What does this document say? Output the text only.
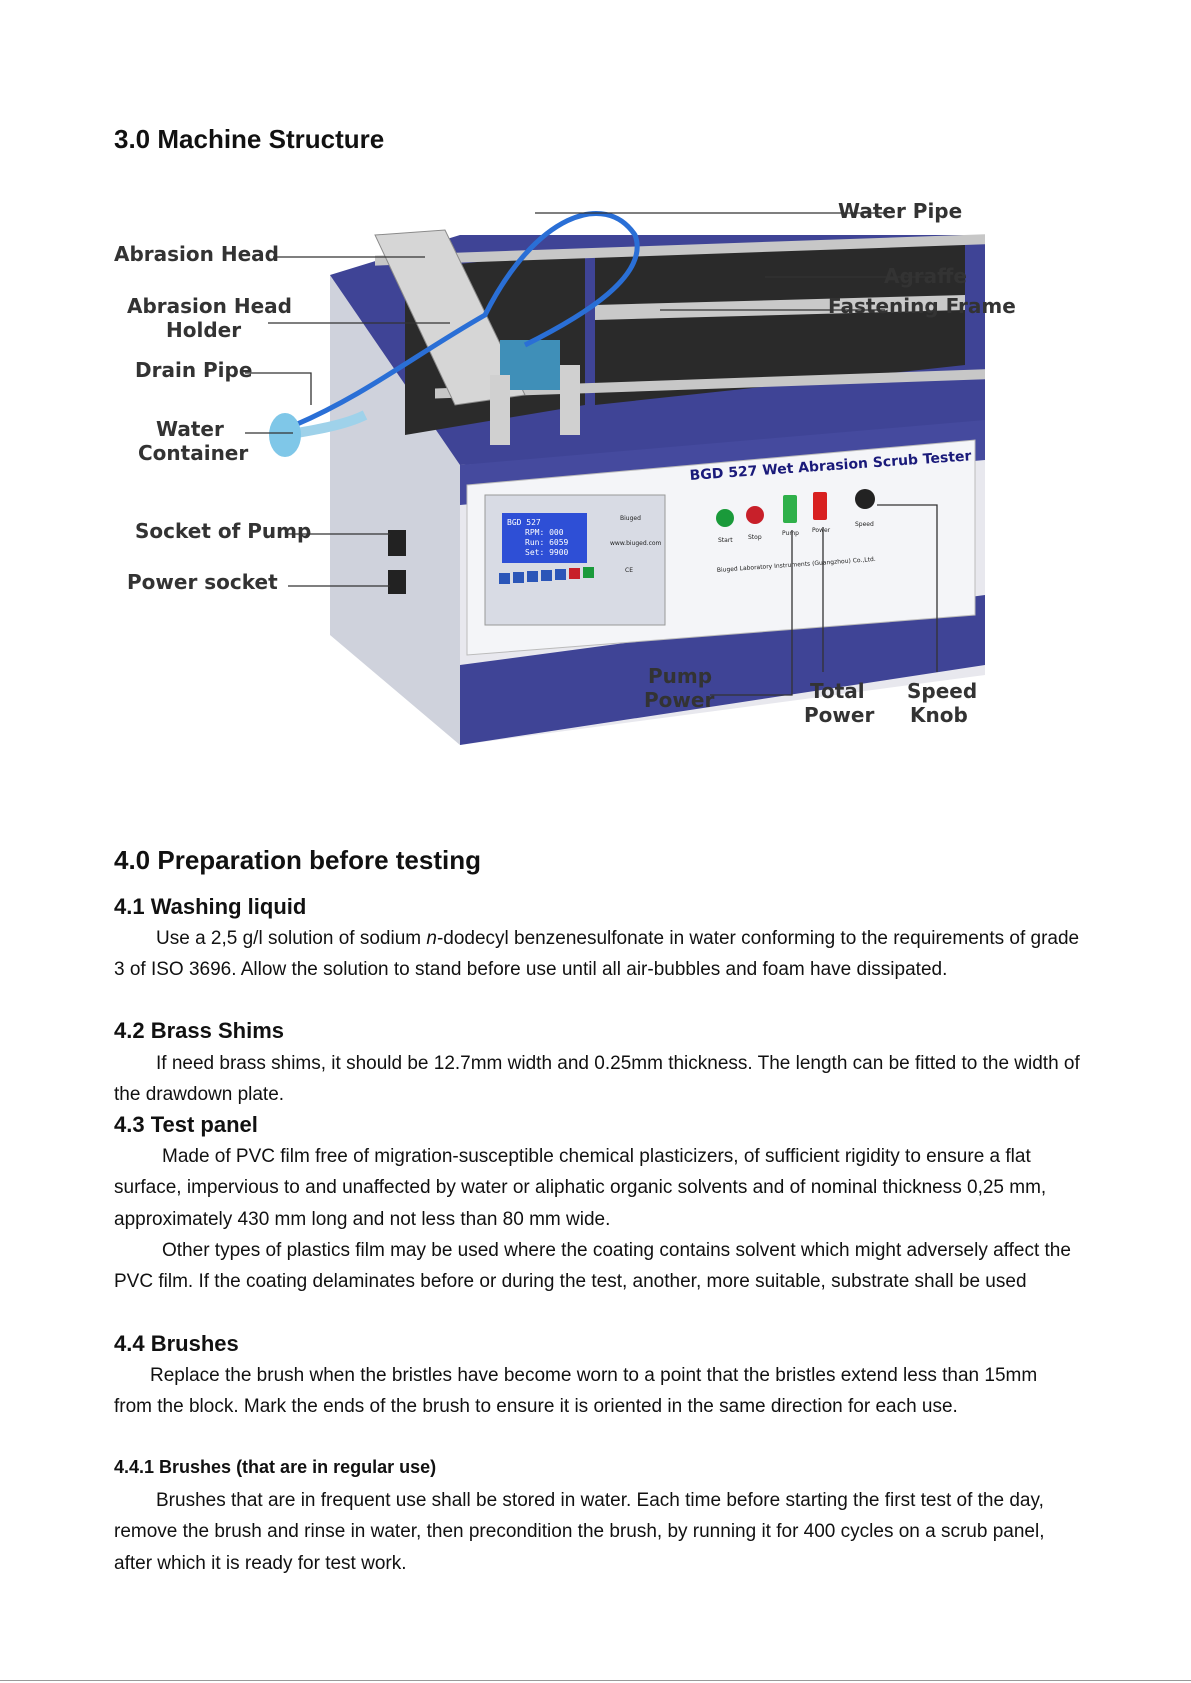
3.0 Machine Structure
BGD 527
RPM: 000
Run: 6059
Set: 9900
Biuged
www.biuged.com
CE
BGD 527 Wet Abrasion Scrub Tester
Start	Stop
Pump Power
Speed
Biuged Laboratory Instruments (Guangzhou) Co.,Ltd.
Water Pipe
Abrasion Head
Agraffe
Abrasion Head
Holder
Fastening Frame
Drain Pipe
Water
Container
Socket of Pump
Power socket
Pump
Power	Total
Power
Speed
Knob
4.0 Preparation before testing
4.1 Washing liquid

Use a 2,5 g/l solution of sodium n-dodecyl benzenesulfonate in water conforming to the requirements of grade 3 of ISO 3696. Allow the solution to stand before use until all air-bubbles and foam have dissipated.

4.2 Brass Shims

If need brass shims, it should be 12.7mm width and 0.25mm thickness. The length can be fitted to the width of the drawdown plate.

4.3 Test panel

Made of PVC film free of migration-susceptible chemical plasticizers, of sufficient rigidity to ensure a flat surface, impervious to and unaffected by water or aliphatic organic solvents and of nominal thickness 0,25 mm, approximately 430 mm long and not less than 80 mm wide.

Other types of plastics film may be used where the coating contains solvent which might adversely affect the PVC film. If the coating delaminates before or during the test, another, more suitable, substrate shall be used

4.4 Brushes

Replace the brush when the bristles have become worn to a point that the bristles extend less than 15mm from the block. Mark the ends of the brush to ensure it is oriented in the same direction for each use.

4.4.1 Brushes (that are in regular use)

Brushes that are in frequent use shall be stored in water. Each time before starting the first test of the day, remove the brush and rinse in water, then precondition the brush, by running it for 400 cycles on a scrub panel, after which it is ready for test work.
